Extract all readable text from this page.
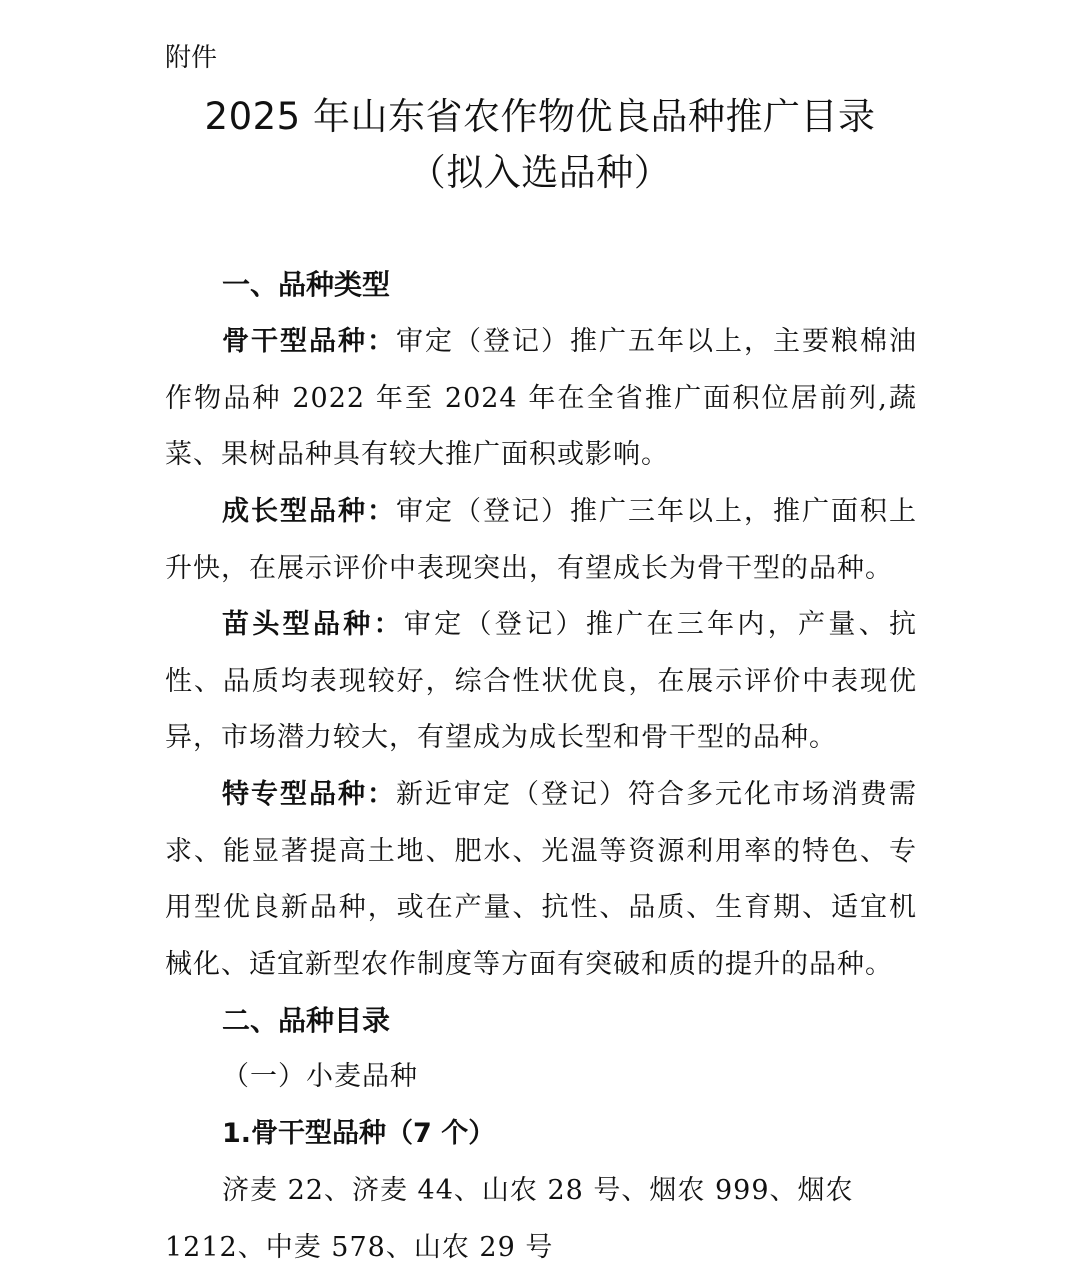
附件
2025 年山东省农作物优良品种推广目录
（拟入选品种）
一、品种类型
骨干型品种：审定（登记）推广五年以上，主要粮棉油作物品种 2022 年至 2024 年在全省推广面积位居前列,蔬菜、果树品种具有较大推广面积或影响。
成长型品种：审定（登记）推广三年以上，推广面积上升快，在展示评价中表现突出，有望成长为骨干型的品种。
苗头型品种：审定（登记）推广在三年内，产量、抗性、品质均表现较好，综合性状优良，在展示评价中表现优异，市场潜力较大，有望成为成长型和骨干型的品种。
特专型品种：新近审定（登记）符合多元化市场消费需求、能显著提高土地、肥水、光温等资源利用率的特色、专用型优良新品种，或在产量、抗性、品质、生育期、适宜机械化、适宜新型农作制度等方面有突破和质的提升的品种。
二、品种目录
（一）小麦品种
1.骨干型品种（7 个）
济麦 22、济麦 44、山农 28 号、烟农 999、烟农 1212、中麦 578、山农 29 号
